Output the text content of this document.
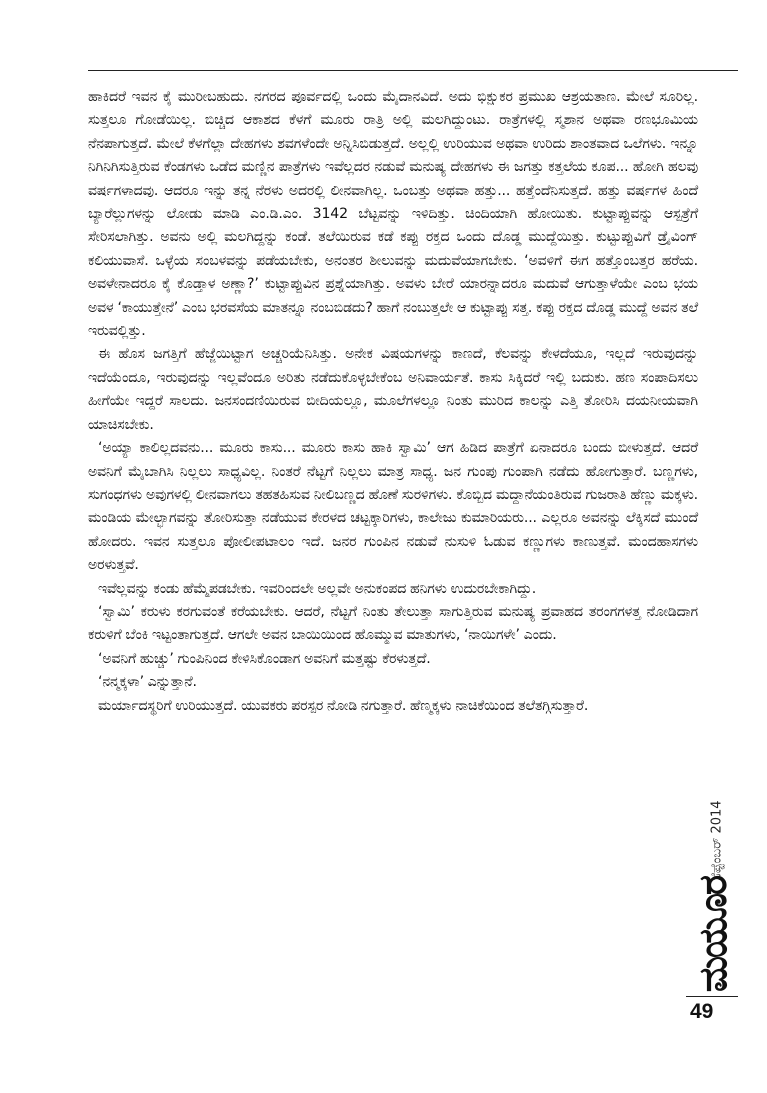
ಹಾಕಿದರೆ ಇವನ ಕೈ ಮುರೀಬಹುದು. ನಗರದ ಪೂರ್ವದಲ್ಲಿ ಒಂದು ಮೈದಾನವಿದೆ. ಅದು ಭಿಕ್ಷುಕರ ಪ್ರಮುಖ ಆಶ್ರಯತಾಣ. ಮೇಲೆ ಸೂರಿಲ್ಲ. ಸುತ್ತಲೂ ಗೋಡೆಯಿಲ್ಲ. ಬಿಚ್ಚಿದ ಆಕಾಶದ ಕೆಳಗೆ ಮೂರು ರಾತ್ರಿ ಅಲ್ಲಿ ಮಲಗಿದ್ದುಂಟು. ರಾತ್ರೆಗಳಲ್ಲಿ ಸ್ಮಶಾನ ಅಥವಾ ರಣಭೂಮಿಯ ನೆನಪಾಗುತ್ತದೆ. ಮೇಲೆ ಕೆಳಗೆಲ್ಲಾ ದೇಹಗಳು ಶವಗಳೆಂದೇ ಅನ್ನಿಸಿಬಿಡುತ್ತದೆ. ಅಲ್ಲಲ್ಲಿ ಉರಿಯುವ ಅಥವಾ ಉರಿದು ಶಾಂತವಾದ ಒಲೆಗಳು. ಇನ್ನೂ ನಿಗಿನಿಗಿಸುತ್ತಿರುವ ಕೆಂಡಗಳು ಒಡೆದ ಮಣ್ಣಿನ ಪಾತ್ರೆಗಳು ಇವೆಲ್ಲದರ ನಡುವೆ ಮನುಷ್ಯ ದೇಹಗಳು ಈ ಜಗತ್ತು ಕತ್ತಲೆಯ ಕೂಪ... ಹೋಗಿ ಹಲವು ವರ್ಷಗಳಾದವು. ಆದರೂ ಇನ್ನು ತನ್ನ ನೆರಳು ಅದರಲ್ಲಿ ಲೀನವಾಗಿಲ್ಲ. ಒಂಬತ್ತು ಅಥವಾ ಹತ್ತು... ಹತ್ತೆಂದೆನಿಸುತ್ತದೆ. ಹತ್ತು ವರ್ಷಗಳ ಹಿಂದೆ ಬ್ಯಾರೆಲ್ಲುಗಳನ್ನು ಲೋಡು ಮಾಡಿ ಎಂ.ಡಿ.ಎಂ. 3142 ಬೆಟ್ಟವನ್ನು ಇಳಿದಿತ್ತು. ಚಿಂದಿಯಾಗಿ ಹೋಯಿತು. ಕುಟ್ಟಾಪ್ಪುವನ್ನು ಆಸ್ಪತ್ರೆಗೆ ಸೇರಿಸಲಾಗಿತ್ತು. ಅವನು ಅಲ್ಲಿ ಮಲಗಿದ್ದನ್ನು ಕಂಡೆ. ತಲೆಯಿರುವ ಕಡೆ ಕಪ್ಪು ರಕ್ತದ ಒಂದು ದೊಡ್ಡ ಮುದ್ದೆಯಿತ್ತು. ಕುಟ್ಟುಪ್ಪುವಿಗೆ ಡ್ರೈವಿಂಗ್ ಕಲಿಯುವಾಸೆ. ಒಳ್ಳೆಯ ಸಂಬಳವನ್ನು ಪಡೆಯಬೇಕು, ಅನಂತರ ಶೀಲುವನ್ನು ಮದುವೆಯಾಗಬೇಕು. ‘ಅವಳಿಗೆ ಈಗ ಹತ್ತೊಂಬತ್ತರ ಹರೆಯ. ಅವಳೇನಾದರೂ ಕೈ ಕೊಡ್ತಾಳ ಅಣ್ಣಾ?’ ಕುಟ್ಟಾಪ್ಪುವಿನ ಪ್ರಶ್ನೆಯಾಗಿತ್ತು. ಅವಳು ಬೇರೆ ಯಾರನ್ನಾದರೂ ಮದುವೆ ಆಗುತ್ತಾಳೆಯೇ ಎಂಬ ಭಯ ಅವಳ ‘ಕಾಯುತ್ತೇನೆ’ ಎಂಬ ಭರವಸೆಯ ಮಾತನ್ನೂ ನಂಬಬಿಡದು? ಹಾಗೆ ನಂಬುತ್ತಲೇ ಆ ಕುಟ್ಟಾಪ್ಪು ಸತ್ತ. ಕಪ್ಪು ರಕ್ತದ ದೊಡ್ಡ ಮುದ್ದೆ ಅವನ ತಲೆ ಇರುವಲ್ಲಿತ್ತು.

ಈ ಹೊಸ ಜಗತ್ತಿಗೆ ಹೆಜ್ಜೆಯಿಟ್ಟಾಗ ಅಚ್ಚರಿಯೆನಿಸಿತ್ತು. ಅನೇಕ ವಿಷಯಗಳನ್ನು ಕಾಣದೆ, ಕೆಲವನ್ನು ಕೇಳದೆಯೂ, ಇಲ್ಲದೆ ಇರುವುದನ್ನು ಇದೆಯೆಂದೂ, ಇರುವುದನ್ನು ಇಲ್ಲವೆಂದೂ ಅರಿತು ನಡೆದುಕೊಳ್ಳಬೇಕೆಂಬ ಅನಿವಾರ್ಯತೆ. ಕಾಸು ಸಿಕ್ಕಿದರೆ ಇಲ್ಲಿ ಬದುಕು. ಹಣ ಸಂಪಾದಿಸಲು ಹೀಗೆಯೇ ಇದ್ದರೆ ಸಾಲದು. ಜನಸಂದಣಿಯಿರುವ ಬೀದಿಯಲ್ಲೂ, ಮೂಲೆಗಳಲ್ಲೂ ನಿಂತು ಮುರಿದ ಕಾಲನ್ನು ಎತ್ತಿ ತೋರಿಸಿ ದಯನೀಯವಾಗಿ ಯಾಚಿಸಬೇಕು.

‘ಅಯ್ಯಾ ಕಾಲಿಲ್ಲದವನು... ಮೂರು ಕಾಸು... ಮೂರು ಕಾಸು ಹಾಕಿ ಸ್ವಾಮಿ’ ಆಗ ಹಿಡಿದ ಪಾತ್ರೆಗೆ ಏನಾದರೂ ಬಂದು ಬೀಳುತ್ತದೆ. ಆದರೆ ಅವನಿಗೆ ಮೈಬಾಗಿಸಿ ನಿಲ್ಲಲು ಸಾಧ್ಯವಿಲ್ಲ. ನಿಂತರೆ ನೆಟ್ಟಗೆ ನಿಲ್ಲಲು ಮಾತ್ರ ಸಾಧ್ಯ. ಜನ ಗುಂಪು ಗುಂಪಾಗಿ ನಡೆದು ಹೋಗುತ್ತಾರೆ. ಬಣ್ಣಗಳು, ಸುಗಂಧಗಳು ಅವುಗಳಲ್ಲಿ ಲೀನವಾಗಲು ತಹತಹಿಸುವ ನೀಲಿಬಣ್ಣದ ಹೊಣೆ ಸುರಳಿಗಳು. ಕೊಬ್ಬಿದ ಮದ್ದಾನೆಯಂತಿರುವ ಗುಜರಾತಿ ಹೆಣ್ಣು ಮಕ್ಕಳು. ಮಂಡಿಯ ಮೇಲ್ಭಾಗವನ್ನು ತೋರಿಸುತ್ತಾ ನಡೆಯುವ ಕೇರಳದ ಚಟ್ಟಕ್ಕಾರಿಗಳು, ಕಾಲೇಜು ಕುಮಾರಿಯರು... ಎಲ್ಲರೂ ಅವನನ್ನು ಲೆಕ್ಕಿಸದೆ ಮುಂದೆ ಹೋದರು. ಇವನ ಸುತ್ತಲೂ ಪೋಲೀಪಟಾಲಂ ಇದೆ. ಜನರ ಗುಂಪಿನ ನಡುವೆ ನುಸುಳಿ ಓಡುವ ಕಣ್ಣುಗಳು ಕಾಣುತ್ತವೆ. ಮಂದಹಾಸಗಳು ಅರಳುತ್ತವೆ.

ಇವೆಲ್ಲವನ್ನು ಕಂಡು ಹೆಮ್ಮೆಪಡಬೇಕು. ಇವರಿಂದಲೇ ಅಲ್ಲವೇ ಅನುಕಂಪದ ಹನಿಗಳು ಉದುರಬೇಕಾಗಿದ್ದು.

‘ಸ್ವಾಮಿ’ ಕರುಳು ಕರಗುವಂತೆ ಕರೆಯಬೇಕು. ಆದರೆ, ನೆಟ್ಟಗೆ ನಿಂತು ತೇಲುತ್ತಾ ಸಾಗುತ್ತಿರುವ ಮನುಷ್ಯ ಪ್ರವಾಹದ ತರಂಗಗಳತ್ತ ನೋಡಿದಾಗ ಕರುಳಿಗೆ ಬೆಂಕಿ ಇಟ್ಟಂತಾಗುತ್ತದೆ. ಆಗಲೇ ಅವನ ಬಾಯಿಯಿಂದ ಹೊಮ್ಮುವ ಮಾತುಗಳು, ‘ನಾಯಿಗಳೇ’ ಎಂದು.

‘ಅವನಿಗೆ ಹುಚ್ಚು’ ಗುಂಪಿನಿಂದ ಕೇಳಿಸಿಕೊಂಡಾಗ ಅವನಿಗೆ ಮತ್ತಷ್ಟು ಕೆರಳುತ್ತದೆ.

‘ನನ್ಮಕ್ಕಳಾ’ ಎನ್ನುತ್ತಾನೆ.

ಮರ್ಯಾದಸ್ಥರಿಗೆ ಉರಿಯುತ್ತದೆ. ಯುವಕರು ಪರಸ್ಪರ ನೋಡಿ ನಗುತ್ತಾರೆ. ಹೆಣ್ಮಕ್ಕಳು ನಾಚಿಕೆಯಿಂದ ತಲೆತಗ್ಗಿಸುತ್ತಾರೆ.

ಸೆಪ್ಟೆಂಬರ್ 2014
ಮಯೂರ
49
